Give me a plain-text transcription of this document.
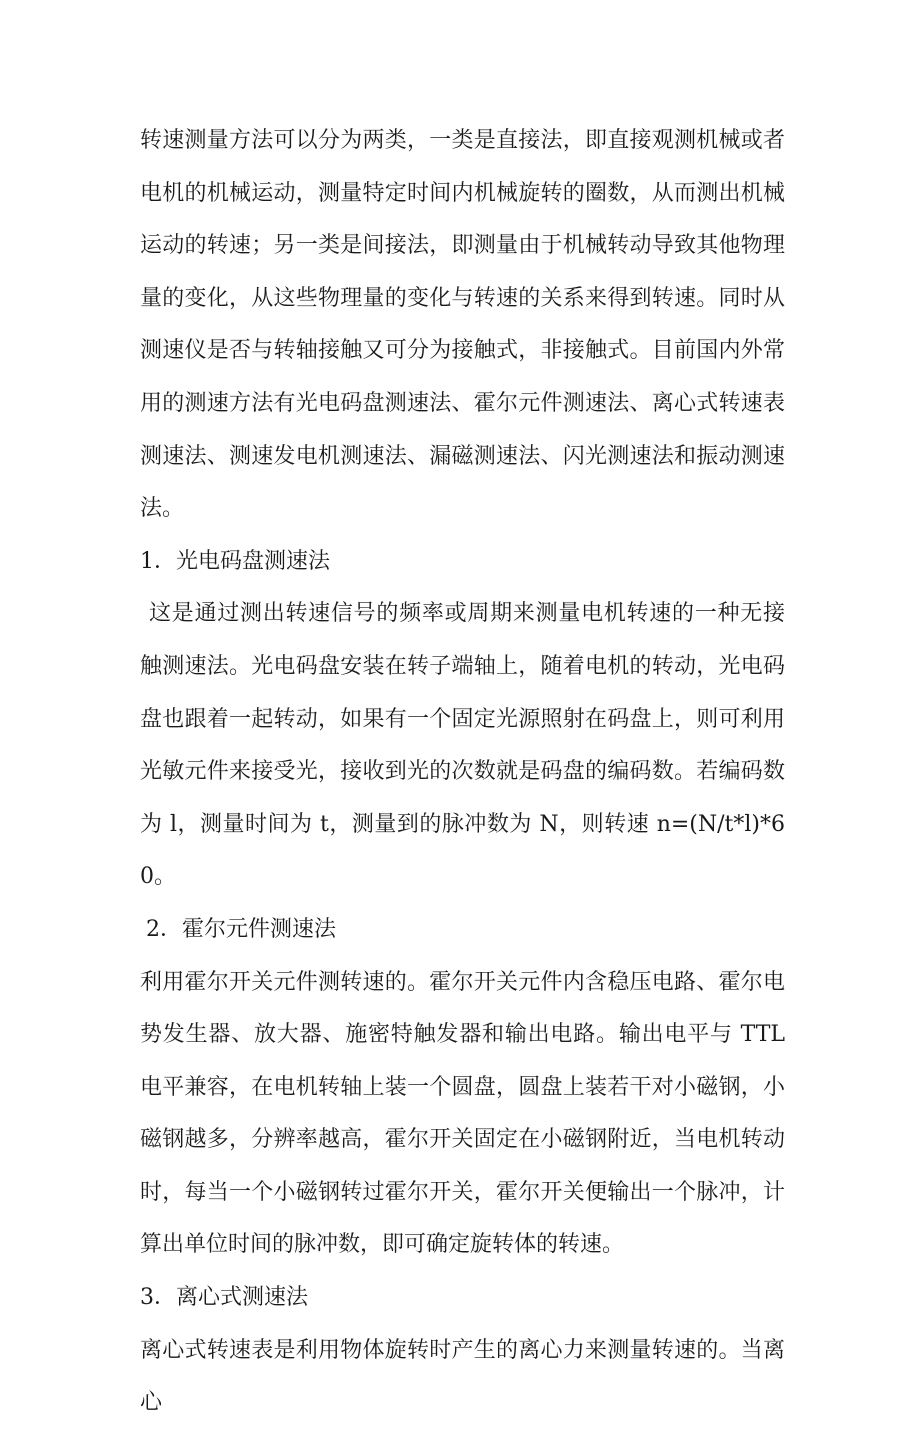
转速测量方法可以分为两类，一类是直接法，即直接观测机械或者电机的机械运动，测量特定时间内机械旋转的圈数，从而测出机械运动的转速；另一类是间接法，即测量由于机械转动导致其他物理量的变化，从这些物理量的变化与转速的关系来得到转速。同时从测速仪是否与转轴接触又可分为接触式，非接触式。目前国内外常用的测速方法有光电码盘测速法、霍尔元件测速法、离心式转速表测速法、测速发电机测速法、漏磁测速法、闪光测速法和振动测速法。

1．光电码盘测速法

这是通过测出转速信号的频率或周期来测量电机转速的一种无接触测速法。光电码盘安装在转子端轴上，随着电机的转动，光电码盘也跟着一起转动，如果有一个固定光源照射在码盘上，则可利用光敏元件来接受光，接收到光的次数就是码盘的编码数。若编码数为 l，测量时间为 t，测量到的脉冲数为 N，则转速 n=(N/t*l)*60。

2．霍尔元件测速法

利用霍尔开关元件测转速的。霍尔开关元件内含稳压电路、霍尔电势发生器、放大器、施密特触发器和输出电路。输出电平与 TTL 电平兼容，在电机转轴上装一个圆盘，圆盘上装若干对小磁钢，小磁钢越多，分辨率越高，霍尔开关固定在小磁钢附近，当电机转动时，每当一个小磁钢转过霍尔开关，霍尔开关便输出一个脉冲，计算出单位时间的脉冲数，即可确定旋转体的转速。

3．离心式测速法

离心式转速表是利用物体旋转时产生的离心力来测量转速的。当离心
